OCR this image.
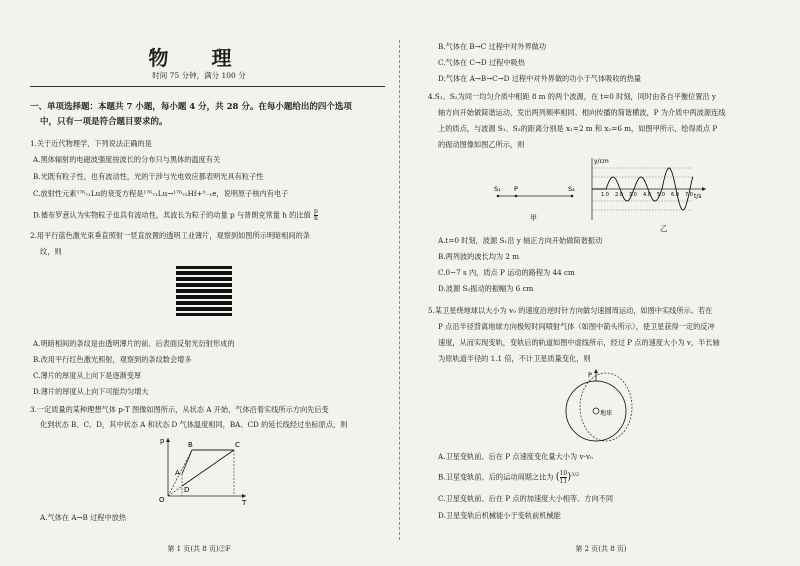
物 理
时间 75 分钟，满分 100 分
一、单项选择题：本题共 7 小题，每小题 4 分，共 28 分。在每小题给出的四个选项
中，只有一项是符合题目要求的。
1.关于近代物理学，下列说法正确的是
A.黑体辐射的电磁波强度按波长的分布只与黑体的温度有关
B.光既有粒子性，也有波动性，光的干涉与光电效应都表明光具有粒子性
C.放射性元素¹⁷⁶₇₁Lu的衰变方程是¹⁷⁶₇₁Lu→¹⁷⁶₇₂Hf+⁰₋₁e，说明原子核内有电子
D.德布罗意认为实物粒子也具有波动性，其波长为粒子的动量 p 与普朗克常量 h 的比值 $\frac{p}{h}$
2.用平行蓝色激光束垂直照射一竖直放置的透明工业薄片，观察到如图所示明暗相间的条
纹，则
A.明暗相间的条纹是由透明薄片的前、后表面反射光衍射形成的
B.改用平行红色激光照射，观察到的条纹数会增多
C.薄片的厚度从上向下是逐渐变厚
D.薄片的厚度从上向下可能均匀增大
3.一定质量的某种理想气体 p-T 图像如图所示，从状态 A 开始，气体沿着实线所示方向先后变
化到状态 B、C、D，其中状态 A 和状态 D 气体温度相同，BA、CD 的延长线经过坐标原点，则
p
T
O
A
B	C
D
A.气体在 A→B 过程中放热
第 1 页(共 8 页)②F
B.气体在 B→C 过程中对外界做功
C.气体在 C→D 过程中吸热
D.气体在 A→B→C→D 过程中对外界做的功小于气体吸收的热量
4.S₁、S₂为同一均匀介质中相距 8 m 的两个波源，在 t=0 时刻，同时由各自平衡位置沿 y
轴方向开始做简谐运动，发出两列频率相同、相向传播的简谐横波，P 为介质中两波源连线
上的质点，与波源 S₁、S₂的距离分别是 x₁=2 m 和 x₂=6 m，如图甲所示，绘得质点 P
的振动图像如图乙所示，则
S₁ P	S₂
甲
y/cm
t/s
1.0 2.0 3.0 4.0 5.0 6.0 7.0
乙
A.t=0 时刻，波源 S₁沿 y 轴正方向开始做简谐振动
B.两列波的波长均为 2 m
C.0~7 s 内，质点 P 运动的路程为 44 cm
D.波源 S₂振动的振幅为 6 cm
5.某卫星绕地球以大小为 v₀ 的速度沿逆时针方向做匀速圆周运动，如图中实线所示。若在
P 点沿半径背离地球方向极短时间喷射气体（如图中箭头所示），使卫星获得一定的反冲
速度，从而实现变轨，变轨后的轨道如图中虚线所示，经过 P 点的速度大小为 v，半长轴
为原轨道半径的 1.1 倍，不计卫星质量变化，则
P
地球
A.卫星变轨前、后在 P 点速度变化量大小为 v-v₀
B.卫星变轨前、后的运动周期之比为 ( $\frac{10}{11} )^{3/2}$
C.卫星变轨前、后在 P 点的加速度大小相等、方向不同
D.卫星变轨后机械能小于变轨前机械能
第 2 页(共 8 页)
